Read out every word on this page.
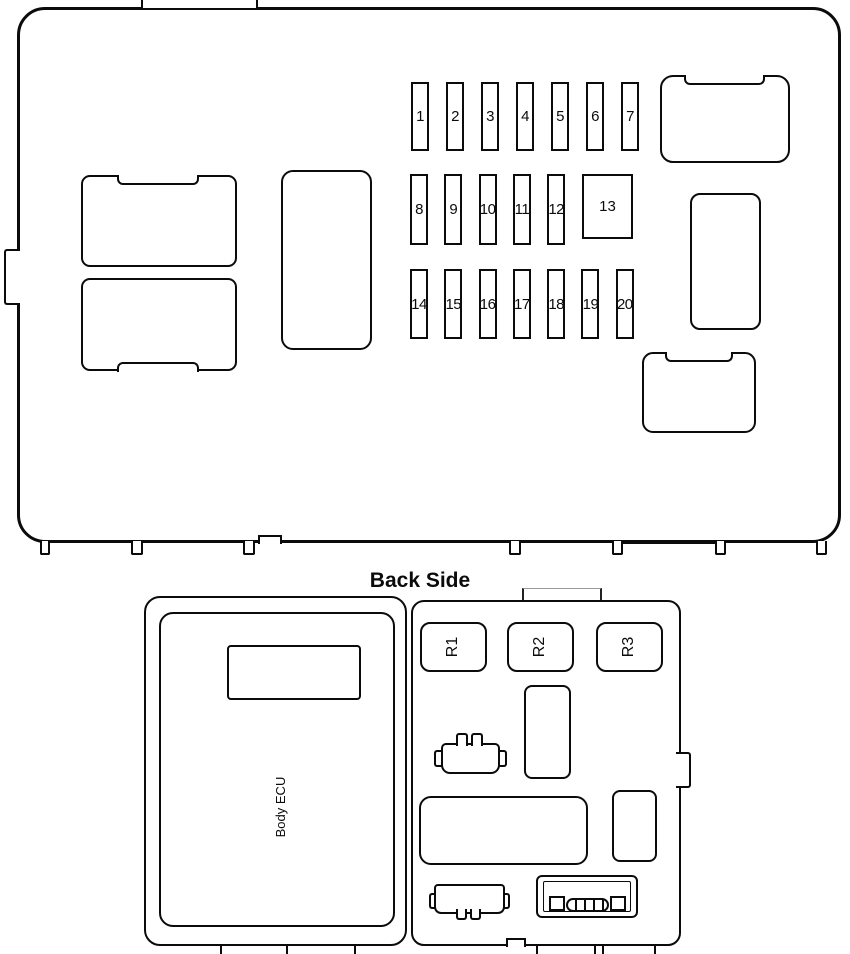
1	2	3	4	5	6	7
8	9	10 11 12	13
14 15 16 17 18 19 20
Back Side
Body ECU
R1	R2	R3
